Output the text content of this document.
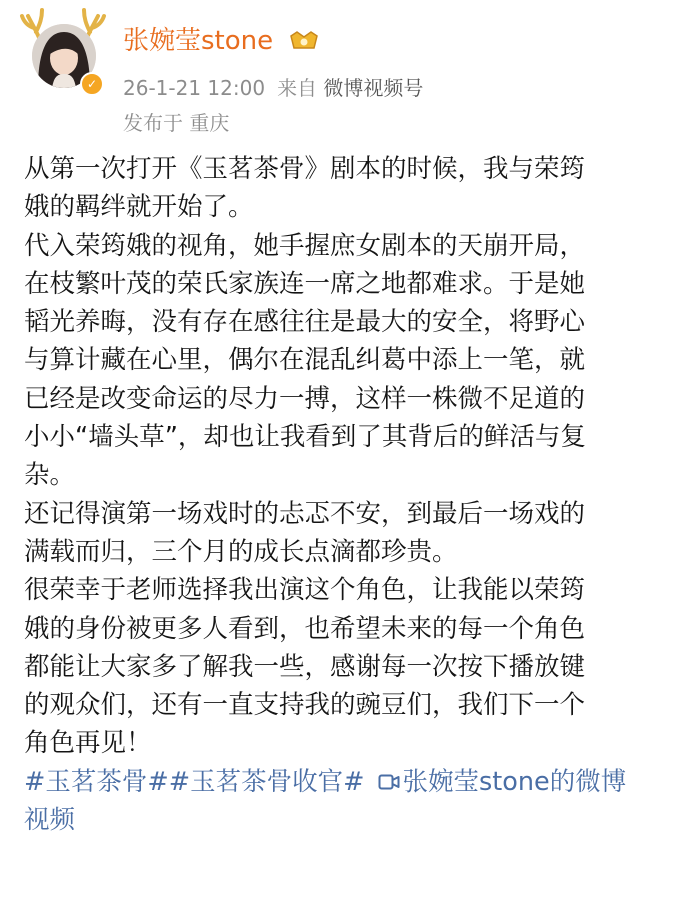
✓
张婉莹stone
26-1-21 12:00 来自 微博视频号
发布于 重庆
从第一次打开《玉茗茶骨》剧本的时候，我与荣筠
娥的羁绊就开始了。
代入荣筠娥的视角，她手握庶女剧本的天崩开局，
在枝繁叶茂的荣氏家族连一席之地都难求。于是她
韬光养晦，没有存在感往往是最大的安全，将野心
与算计藏在心里，偶尔在混乱纠葛中添上一笔，就
已经是改变命运的尽力一搏，这样一株微不足道的
小小“墙头草”，却也让我看到了其背后的鲜活与复
杂。
还记得演第一场戏时的忐忑不安，到最后一场戏的
满载而归，三个月的成长点滴都珍贵。
很荣幸于老师选择我出演这个角色，让我能以荣筠
娥的身份被更多人看到，也希望未来的每一个角色
都能让大家多了解我一些，感谢每一次按下播放键
的观众们，还有一直支持我的豌豆们，我们下一个
角色再见！
#玉茗茶骨##玉茗茶骨收官# 张婉莹stone的微博
视频
